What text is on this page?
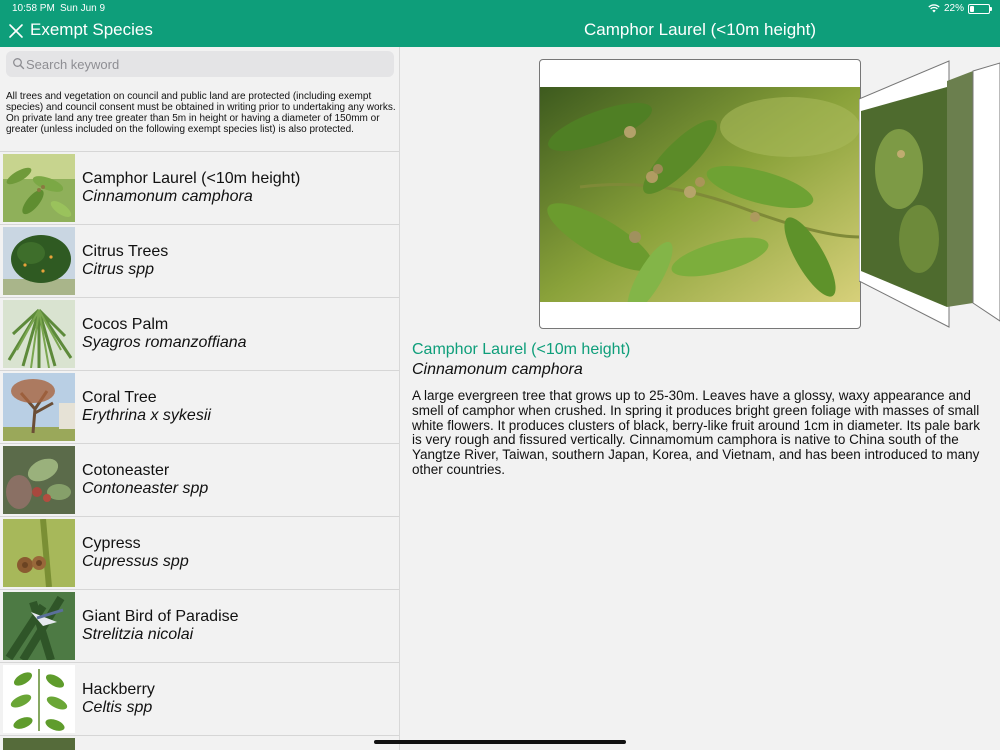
10:58 PM Sun Jun 9	22%
Exempt Species	Camphor Laurel (<10m height)
Search keyword

All trees and vegetation on council and public land are protected (including exempt species) and council consent must be obtained in writing prior to undertaking any works. On private land any tree greater than 5m in height or having a diameter of 150mm or greater (unless included on the following exempt species list) is also protected.

Camphor Laurel (<10m height)
Cinnamonum camphora
Citrus Trees
Citrus spp
Cocos Palm
Syagros romanzoffiana
Coral Tree
Erythrina x sykesii
Cotoneaster
Contoneaster spp
Cypress
Cupressus spp
Giant Bird of Paradise
Strelitzia nicolai
Hackberry
Celtis spp
Camphor Laurel (<10m height)
Cinnamonum camphora

A large evergreen tree that grows up to 25-30m. Leaves have a glossy, waxy appearance and smell of camphor when crushed. In spring it produces bright green foliage with masses of small white flowers. It produces clusters of black, berry-like fruit around 1cm in diameter. Its pale bark is very rough and fissured vertically. Cinnamomum camphora is native to China south of the Yangtze River, Taiwan, southern Japan, Korea, and Vietnam, and has been introduced to many other countries.
